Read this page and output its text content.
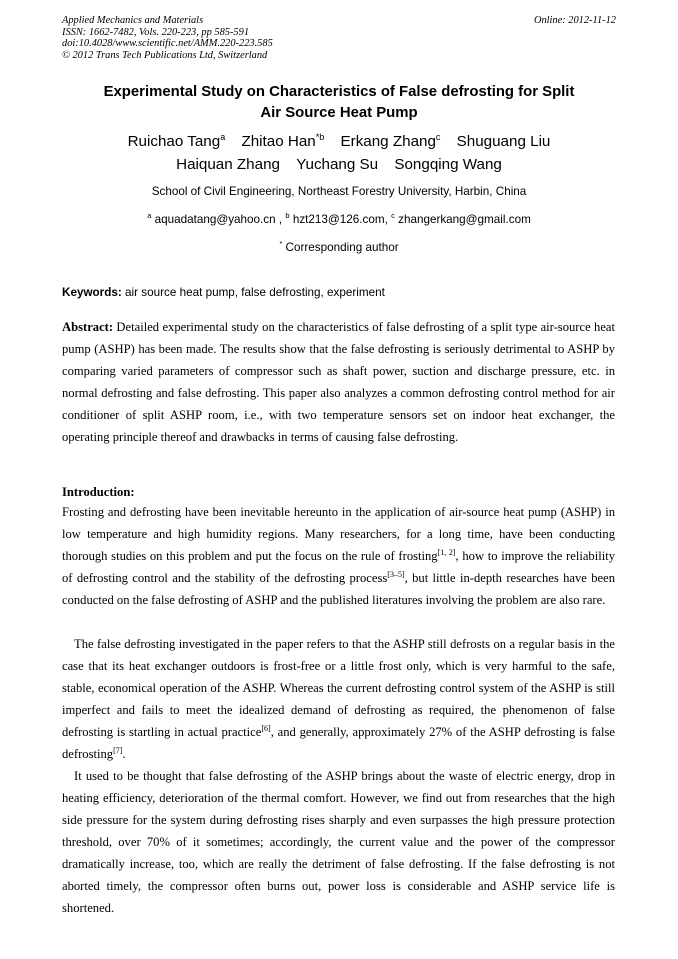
Applied Mechanics and Materials	Online: 2012-11-12
ISSN: 1662-7482, Vols. 220-223, pp 585-591
doi:10.4028/www.scientific.net/AMM.220-223.585
© 2012 Trans Tech Publications Ltd, Switzerland
Experimental Study on Characteristics of False defrosting for Split
Air Source Heat Pump
Ruichao Tang$^a$ Zhitao Han$^{*b}$ Erkang Zhang$^c$ Shuguang Liu
Haiquan Zhang Yuchang Su Songqing Wang
School of Civil Engineering, Northeast Forestry University, Harbin, China
$^a$ aquadatang@yahoo.cn , $^b$ hzt213@126.com, $^c$ zhangerkang@gmail.com
* Corresponding author
Keywords: air source heat pump, false defrosting, experiment

Abstract: Detailed experimental study on the characteristics of false defrosting of a split type air-source heat pump (ASHP) has been made. The results show that the false defrosting is seriously detrimental to ASHP by comparing varied parameters of compressor such as shaft power, suction and discharge pressure, etc. in normal defrosting and false defrosting. This paper also analyzes a common defrosting control method for air conditioner of split ASHP room, i.e., with two temperature sensors set on indoor heat exchanger, the operating principle thereof and drawbacks in terms of causing false defrosting.

Introduction:

Frosting and defrosting have been inevitable hereunto in the application of air-source heat pump (ASHP) in low temperature and high humidity regions. Many researchers, for a long time, have been conducting thorough studies on this problem and put the focus on the rule of frosting[1, 2], how to improve the reliability of defrosting control and the stability of the defrosting process[3–5], but little in-depth researches have been conducted on the false defrosting of ASHP and the published literatures involving the problem are also rare.

The false defrosting investigated in the paper refers to that the ASHP still defrosts on a regular basis in the case that its heat exchanger outdoors is frost-free or a little frost only, which is very harmful to the safe, stable, economical operation of the ASHP. Whereas the current defrosting control system of the ASHP is still imperfect and fails to meet the idealized demand of defrosting as required, the phenomenon of false defrosting is startling in actual practice[6], and generally, approximately 27% of the ASHP defrosting is false defrosting[7].

It used to be thought that false defrosting of the ASHP brings about the waste of electric energy, drop in heating efficiency, deterioration of the thermal comfort. However, we find out from researches that the high side pressure for the system during defrosting rises sharply and even surpasses the high pressure protection threshold, over 70% of it sometimes; accordingly, the current value and the power of the compressor dramatically increase, too, which are really the detriment of false defrosting. If the false defrosting is not aborted timely, the compressor often burns out, power loss is considerable and ASHP service life is shortened.
